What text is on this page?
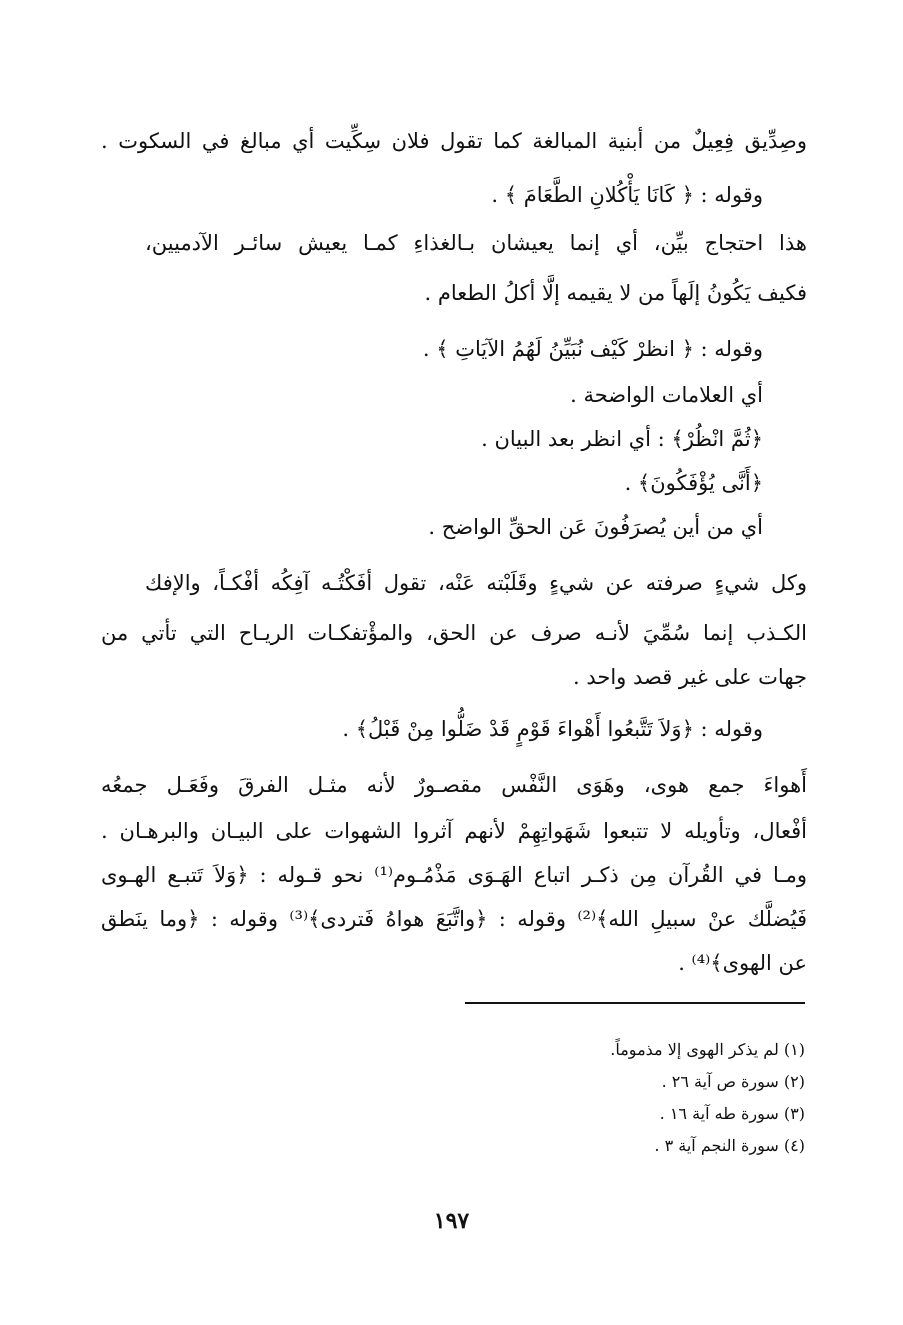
وصِدِّيق فِعِيلٌ من أبنية المبالغة كما تقول فلان سِكِّيت أي مبالغ في السكوت .
وقوله : ﴿ كَانَا يَأْكُلانِ الطَّعَامَ ﴾ .
هذا احتجاج بيِّن، أي إنما يعيشان بـالغذاءِ كمـا يعيش سائـر الآدميين،
فكيف يَكُونُ إلَهاً من لا يقيمه إلَّا أكلُ الطعام .
وقوله : ﴿ انظرْ كَيْف نُبَيِّنُ لَهُمُ الآيَاتِ ﴾ .
أي العلامات الواضحة .
﴿ثُمَّ انْظُرْ﴾ : أي انظر بعد البيان .
﴿أَنَّى يُؤْفَكُونَ﴾ .
أي من أين يُصرَفُونَ عَن الحقِّ الواضح .
وكل شيءٍ صرفته عن شيءٍ وقَلَبْته عَنْه، تقول أفَكْتُـه آفِكُه أفْكـاً، والإفك
الكـذب إنما سُمِّيَ لأنـه صرف عن الحق، والمؤْتفكـات الريـاح التي تأتي من
جهات على غير قصد واحد .
وقوله : ﴿وَلاَ تَتَّبعُوا أَهْواءَ قَوْمٍ قَدْ ضَلُّوا مِنْ قَبْلُ﴾ .
أَهواءَ جمع هوى، وهَوَى النَّفْس مقصـورٌ لأنه مثـل الفرقَ وفَعَـل جمعُه
أفْعال، وتأويله لا تتبعوا شَهَواتِهِمْ لأنهم آثروا الشهوات على البيـان والبرهـان .
ومـا في القُرآن مِن ذكـر اتباع الهَـوَى مَذْمُـوم⁽¹⁾ نحو قـوله : ﴿وَلاَ تَتبـع الهـوى
فَيُضلَّك عنْ سبيلِ الله﴾⁽²⁾ وقوله : ﴿واتَّبَعَ هواهُ فَتردى﴾⁽³⁾ وقوله : ﴿وما ينَطق
عن الهوى﴾⁽⁴⁾ .
(١) لم يذكر الهوى إلا مذموماً.
(٢) سورة ص آية ٢٦ .
(٣) سورة طه آية ١٦ .
(٤) سورة النجم آية ٣ .
١٩٧
